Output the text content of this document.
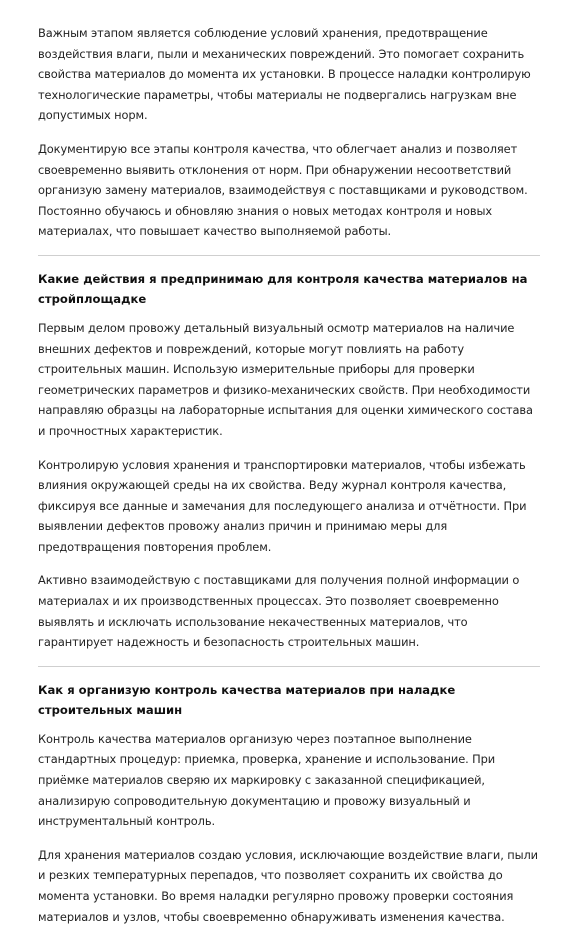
Важным этапом является соблюдение условий хранения, предотвращение воздействия влаги, пыли и механических повреждений. Это помогает сохранить свойства материалов до момента их установки. В процессе наладки контролирую технологические параметры, чтобы материалы не подвергались нагрузкам вне допустимых норм.

Документирую все этапы контроля качества, что облегчает анализ и позволяет своевременно выявить отклонения от норм. При обнаружении несоответствий организую замену материалов, взаимодействуя с поставщиками и руководством. Постоянно обучаюсь и обновляю знания о новых методах контроля и новых материалах, что повышает качество выполняемой работы.

Какие действия я предпринимаю для контроля качества материалов на стройплощадке

Первым делом провожу детальный визуальный осмотр материалов на наличие внешних дефектов и повреждений, которые могут повлиять на работу строительных машин. Использую измерительные приборы для проверки геометрических параметров и физико-механических свойств. При необходимости направляю образцы на лабораторные испытания для оценки химического состава и прочностных характеристик.

Контролирую условия хранения и транспортировки материалов, чтобы избежать влияния окружающей среды на их свойства. Веду журнал контроля качества, фиксируя все данные и замечания для последующего анализа и отчётности. При выявлении дефектов провожу анализ причин и принимаю меры для предотвращения повторения проблем.

Активно взаимодействую с поставщиками для получения полной информации о материалах и их производственных процессах. Это позволяет своевременно выявлять и исключать использование некачественных материалов, что гарантирует надежность и безопасность строительных машин.

Как я организую контроль качества материалов при наладке строительных машин

Контроль качества материалов организую через поэтапное выполнение стандартных процедур: приемка, проверка, хранение и использование. При приёмке материалов сверяю их маркировку с заказанной спецификацией, анализирую сопроводительную документацию и провожу визуальный и инструментальный контроль.

Для хранения материалов создаю условия, исключающие воздействие влаги, пыли и резких температурных перепадов, что позволяет сохранить их свойства до момента установки. Во время наладки регулярно провожу проверки состояния материалов и узлов, чтобы своевременно обнаруживать изменения качества.
